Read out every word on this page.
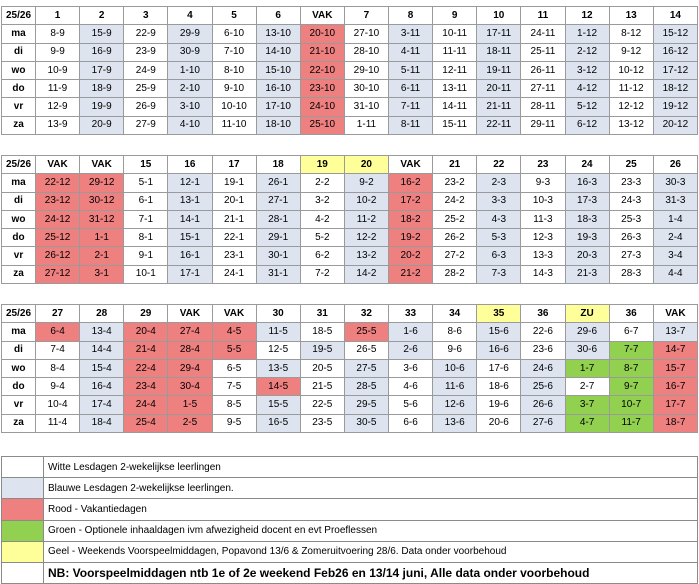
25/26	1	2	3	4	5	6	VAK	7	8	9	10	11	12	13	14
ma	8-9	15-9	22-9	29-9	6-10	13-10	20-10	27-10	3-11	10-11	17-11	24-11	1-12	8-12	15-12
di	9-9	16-9	23-9	30-9	7-10	14-10	21-10	28-10	4-11	11-11	18-11	25-11	2-12	9-12	16-12
wo	10-9	17-9	24-9	1-10	8-10	15-10	22-10	29-10	5-11	12-11	19-11	26-11	3-12	10-12	17-12
do	11-9	18-9	25-9	2-10	9-10	16-10	23-10	30-10	6-11	13-11	20-11	27-11	4-12	11-12	18-12
vr	12-9	19-9	26-9	3-10	10-10	17-10	24-10	31-10	7-11	14-11	21-11	28-11	5-12	12-12	19-12
za	13-9	20-9	27-9	4-10	11-10	18-10	25-10	1-11	8-11	15-11	22-11	29-11	6-12	13-12	20-12
25/26	VAK	VAK	15	16	17	18	19	20	VAK	21	22	23	24	25	26
ma	22-12	29-12	5-1	12-1	19-1	26-1	2-2	9-2	16-2	23-2	2-3	9-3	16-3	23-3	30-3
di	23-12	30-12	6-1	13-1	20-1	27-1	3-2	10-2	17-2	24-2	3-3	10-3	17-3	24-3	31-3
wo	24-12	31-12	7-1	14-1	21-1	28-1	4-2	11-2	18-2	25-2	4-3	11-3	18-3	25-3	1-4
do	25-12	1-1	8-1	15-1	22-1	29-1	5-2	12-2	19-2	26-2	5-3	12-3	19-3	26-3	2-4
vr	26-12	2-1	9-1	16-1	23-1	30-1	6-2	13-2	20-2	27-2	6-3	13-3	20-3	27-3	3-4
za	27-12	3-1	10-1	17-1	24-1	31-1	7-2	14-2	21-2	28-2	7-3	14-3	21-3	28-3	4-4
25/26	27	28	29	VAK	VAK	30	31	32	33	34	35	36	ZU	36	VAK
ma	6-4	13-4	20-4	27-4	4-5	11-5	18-5	25-5	1-6	8-6	15-6	22-6	29-6	6-7	13-7
di	7-4	14-4	21-4	28-4	5-5	12-5	19-5	26-5	2-6	9-6	16-6	23-6	30-6	7-7	14-7
wo	8-4	15-4	22-4	29-4	6-5	13-5	20-5	27-5	3-6	10-6	17-6	24-6	1-7	8-7	15-7
do	9-4	16-4	23-4	30-4	7-5	14-5	21-5	28-5	4-6	11-6	18-6	25-6	2-7	9-7	16-7
vr	10-4	17-4	24-4	1-5	8-5	15-5	22-5	29-5	5-6	12-6	19-6	26-6	3-7	10-7	17-7
za	11-4	18-4	25-4	2-5	9-5	16-5	23-5	30-5	6-6	13-6	20-6	27-6	4-7	11-7	18-7
	Witte Lesdagen 2-wekelijkse leerlingen
	Blauwe Lesdagen 2-wekelijkse leerlingen.
	Rood - Vakantiedagen
	Groen - Optionele inhaaldagen ivm afwezigheid docent en evt Proeflessen
	Geel - Weekends Voorspeelmiddagen, Popavond 13/6 & Zomeruitvoering 28/6. Data onder voorbehoud
	NB: Voorspeelmiddagen ntb 1e of 2e weekend Feb26 en 13/14 juni, Alle data onder voorbehoud
